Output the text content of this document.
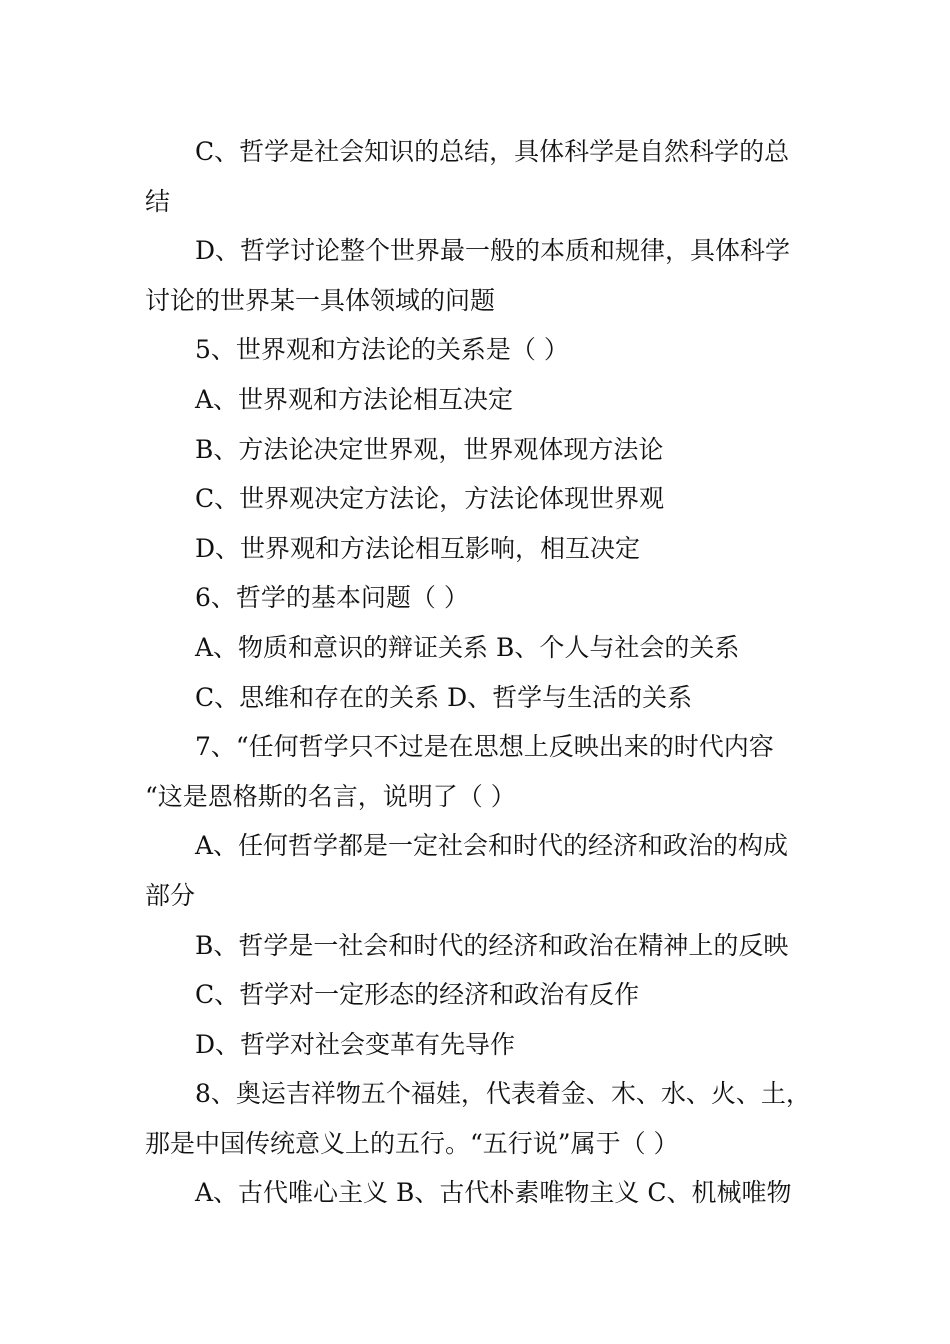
C、哲学是社会知识的总结，具体科学是自然科学的总
结
D、哲学讨论整个世界最一般的本质和规律，具体科学
讨论的世界某一具体领域的问题
5、世界观和方法论的关系是（ ）
A、世界观和方法论相互决定
B、方法论决定世界观，世界观体现方法论
C、世界观决定方法论，方法论体现世界观
D、世界观和方法论相互影响，相互决定
6、哲学的基本问题（ ）
A、物质和意识的辩证关系 B、个人与社会的关系
C、思维和存在的关系 D、哲学与生活的关系
7、“任何哲学只不过是在思想上反映出来的时代内容
“这是恩格斯的名言，说明了（ ）
A、任何哲学都是一定社会和时代的经济和政治的构成
部分
B、哲学是一社会和时代的经济和政治在精神上的反映
C、哲学对一定形态的经济和政治有反作
D、哲学对社会变革有先导作
8、奥运吉祥物五个福娃，代表着金、木、水、火、土，
那是中国传统意义上的五行。“五行说”属于（ ）
A、古代唯心主义 B、古代朴素唯物主义 C、机械唯物
